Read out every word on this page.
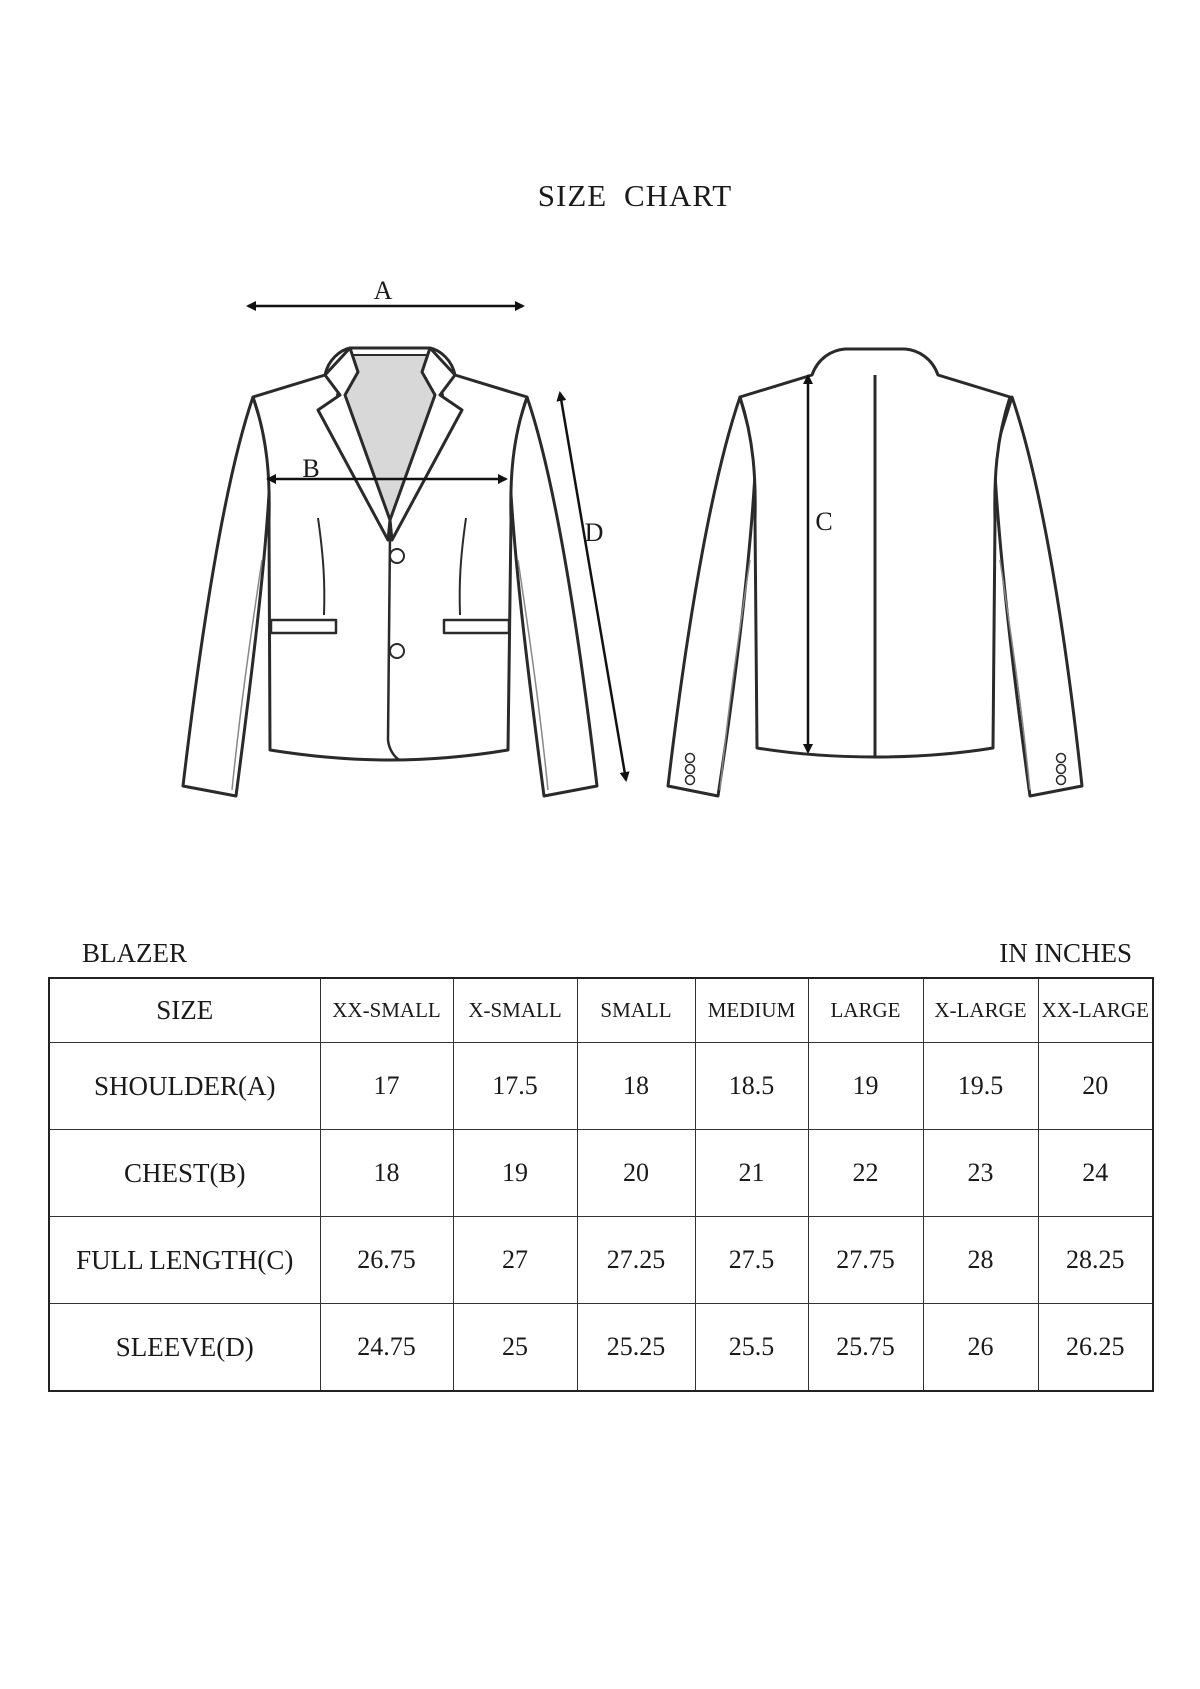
SIZE CHART
A
B
D	C
BLAZER	IN INCHES
SIZE	XX-SMALL	X-SMALL	SMALL	MEDIUM	LARGE	X-LARGE	XX-LARGE
SHOULDER(A)	17	17.5	18	18.5	19	19.5	20
CHEST(B)	18	19	20	21	22	23	24
FULL LENGTH(C)	26.75	27	27.25	27.5	27.75	28	28.25
SLEEVE(D)	24.75	25	25.25	25.5	25.75	26	26.25
